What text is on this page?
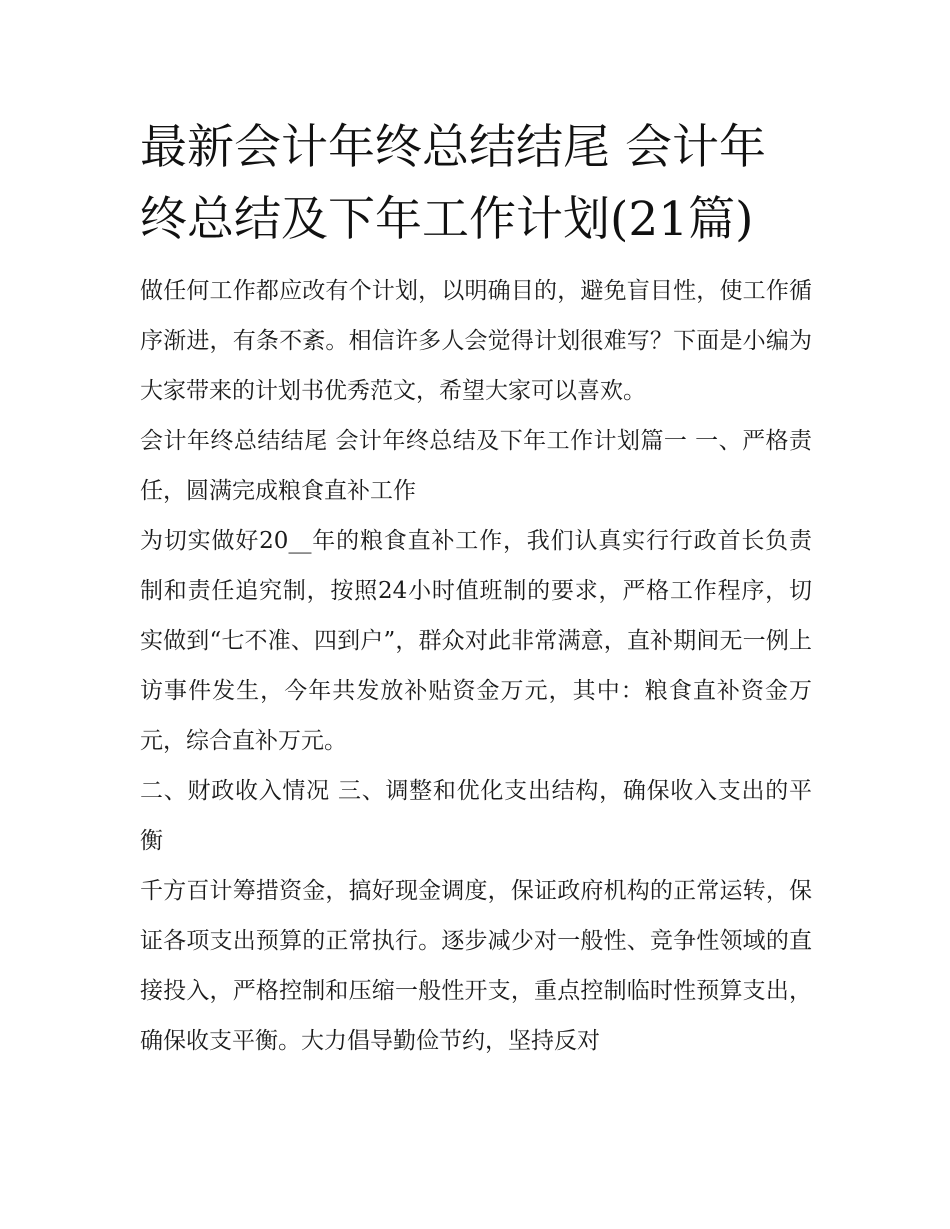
最新会计年终总结结尾 会计年终总结及下年工作计划(21篇)

做任何工作都应改有个计划，以明确目的，避免盲目性，使工作循序渐进，有条不紊。相信许多人会觉得计划很难写？下面是小编为大家带来的计划书优秀范文，希望大家可以喜欢。

会计年终总结结尾 会计年终总结及下年工作计划篇一 一、严格责任，圆满完成粮食直补工作

为切实做好20__年的粮食直补工作，我们认真实行行政首长负责制和责任追究制，按照24小时值班制的要求，严格工作程序，切实做到“七不准、四到户”，群众对此非常满意，直补期间无一例上访事件发生，今年共发放补贴资金万元，其中：粮食直补资金万元，综合直补万元。

二、财政收入情况 三、调整和优化支出结构，确保收入支出的平衡

千方百计筹措资金，搞好现金调度，保证政府机构的正常运转，保证各项支出预算的正常执行。逐步减少对一般性、竞争性领域的直接投入，严格控制和压缩一般性开支，重点控制临时性预算支出，确保收支平衡。大力倡导勤俭节约，坚持反对
